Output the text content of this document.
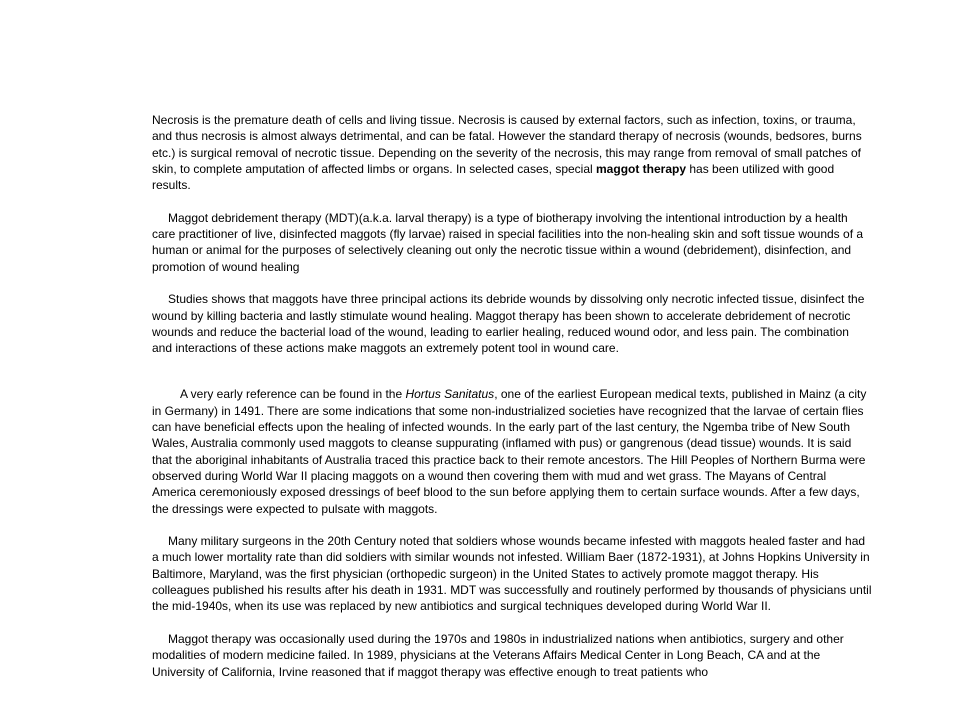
Necrosis is the premature death of cells and living tissue. Necrosis is caused by external factors, such as infection, toxins, or trauma, and thus necrosis is almost always detrimental, and can be fatal. However the standard therapy of necrosis (wounds, bedsores, burns etc.) is surgical removal of necrotic tissue. Depending on the severity of the necrosis, this may range from removal of small patches of skin, to complete amputation of affected limbs or organs. In selected cases, special maggot therapy has been utilized with good results.

Maggot debridement therapy (MDT)(a.k.a. larval therapy) is a type of biotherapy involving the intentional introduction by a health care practitioner of live, disinfected maggots (fly larvae) raised in special facilities into the non-healing skin and soft tissue wounds of a human or animal for the purposes of selectively cleaning out only the necrotic tissue within a wound (debridement), disinfection, and promotion of wound healing

Studies shows that maggots have three principal actions its debride wounds by dissolving only necrotic infected tissue, disinfect the wound by killing bacteria and lastly stimulate wound healing. Maggot therapy has been shown to accelerate debridement of necrotic wounds and reduce the bacterial load of the wound, leading to earlier healing, reduced wound odor, and less pain. The combination and interactions of these actions make maggots an extremely potent tool in wound care.

A very early reference can be found in the Hortus Sanitatus, one of the earliest European medical texts, published in Mainz (a city in Germany) in 1491. There are some indications that some non-industrialized societies have recognized that the larvae of certain flies can have beneficial effects upon the healing of infected wounds. In the early part of the last century, the Ngemba tribe of New South Wales, Australia commonly used maggots to cleanse suppurating (inflamed with pus) or gangrenous (dead tissue) wounds. It is said that the aboriginal inhabitants of Australia traced this practice back to their remote ancestors. The Hill Peoples of Northern Burma were observed during World War II placing maggots on a wound then covering them with mud and wet grass. The Mayans of Central America ceremoniously exposed dressings of beef blood to the sun before applying them to certain surface wounds. After a few days, the dressings were expected to pulsate with maggots.

Many military surgeons in the 20th Century noted that soldiers whose wounds became infested with maggots healed faster and had a much lower mortality rate than did soldiers with similar wounds not infested. William Baer (1872-1931), at Johns Hopkins University in Baltimore, Maryland, was the first physician (orthopedic surgeon) in the United States to actively promote maggot therapy. His colleagues published his results after his death in 1931. MDT was successfully and routinely performed by thousands of physicians until the mid-1940s, when its use was replaced by new antibiotics and surgical techniques developed during World War II.

Maggot therapy was occasionally used during the 1970s and 1980s in industrialized nations when antibiotics, surgery and other modalities of modern medicine failed. In 1989, physicians at the Veterans Affairs Medical Center in Long Beach, CA and at the University of California, Irvine reasoned that if maggot therapy was effective enough to treat patients who
